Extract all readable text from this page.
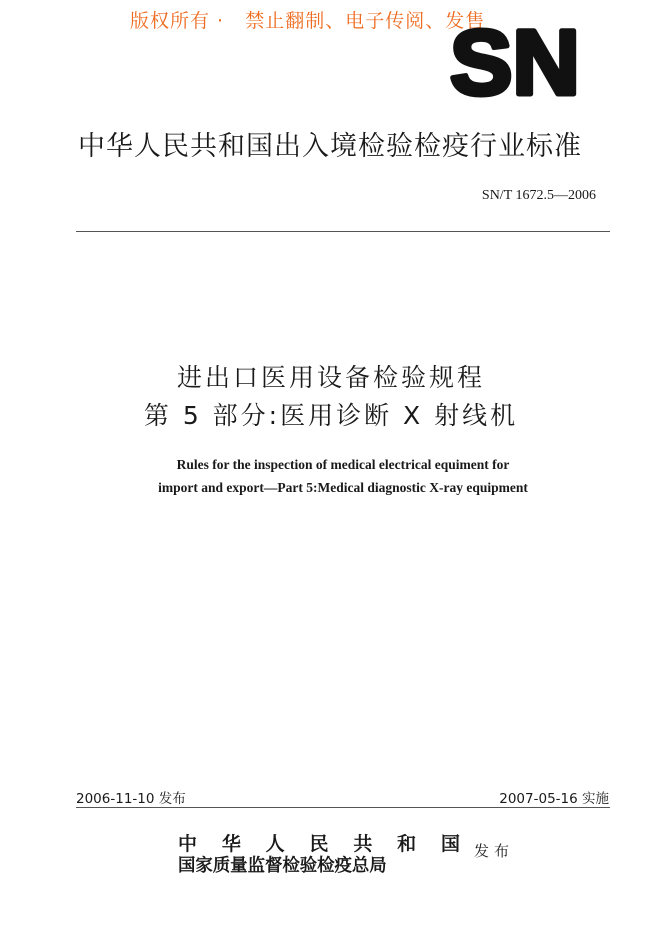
版权所有 ·   禁止翻制、电子传阅、发售
SN
中华人民共和国出入境检验检疫行业标准
SN/T 1672.5—2006
进出口医用设备检验规程
第 5 部分:医用诊断 X 射线机
Rules for the inspection of medical electrical equiment for
import and export—Part 5:Medical diagnostic X-ray equipment
2006-11-10 发布	2007-05-16 实施
中华人民共和国
国家质量监督检验检疫总局
发布
